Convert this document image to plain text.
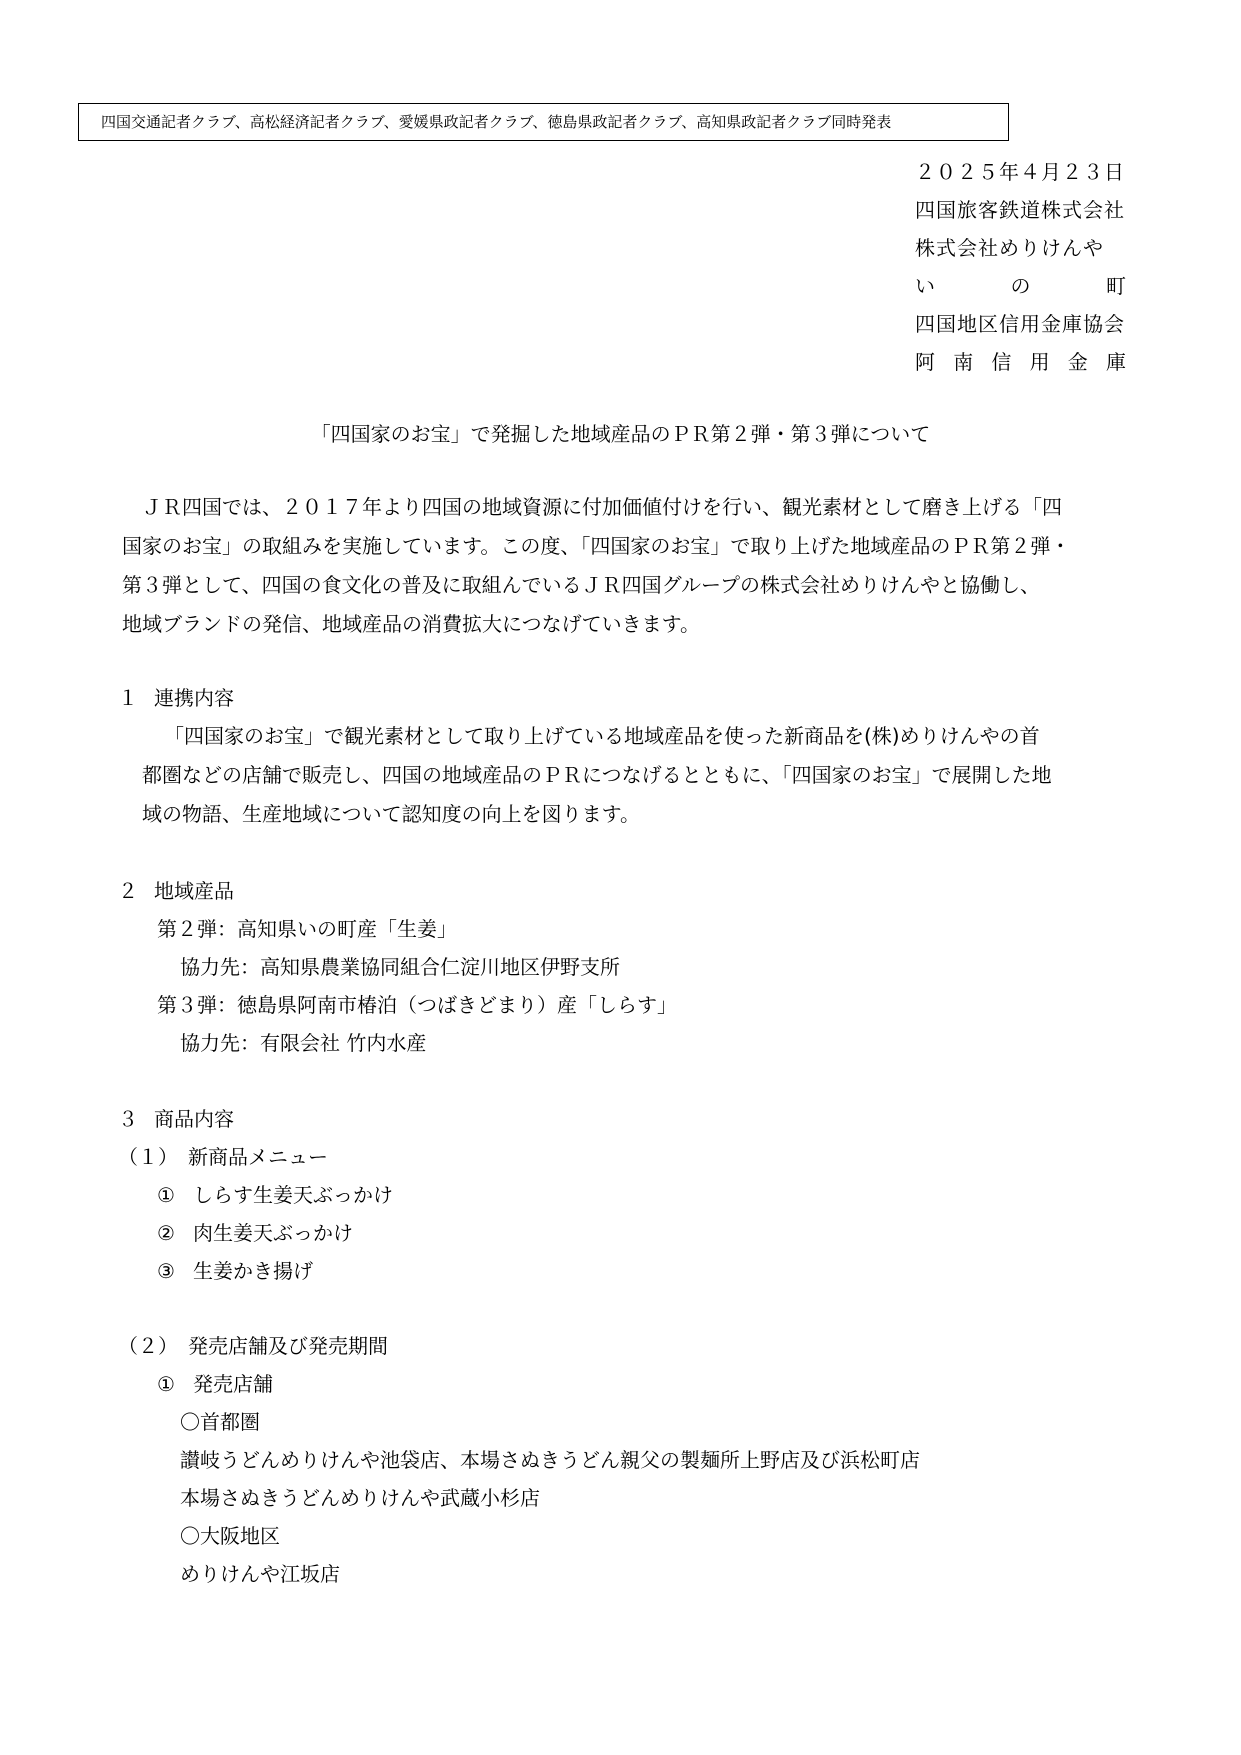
四国交通記者クラブ、高松経済記者クラブ、愛媛県政記者クラブ、徳島県政記者クラブ、高知県政記者クラブ同時発表
２０２５年４月２３日
四国旅客鉄道株式会社
株式会社めりけんや
い	の	町
四国地区信用金庫協会
阿 南 信 用 金 庫
「四国家のお宝」で発掘した地域産品のＰＲ第２弾・第３弾について
　ＪＲ四国では、２０１７年より四国の地域資源に付加価値付けを行い、観光素材として磨き上げる「四
国家のお宝」の取組みを実施しています。この度、「四国家のお宝」で取り上げた地域産品のＰＲ第２弾・
第３弾として、四国の食文化の普及に取組んでいるＪＲ四国グループの株式会社めりけんやと協働し、
地域ブランドの発信、地域産品の消費拡大につなげていきます。
１ 連携内容
「四国家のお宝」で観光素材として取り上げている地域産品を使った新商品を(株)めりけんやの首
都圏などの店舗で販売し、四国の地域産品のＰＲにつなげるとともに、「四国家のお宝」で展開した地
域の物語、生産地域について認知度の向上を図ります。
２ 地域産品
第２弾：高知県いの町産「生姜」
協力先：高知県農業協同組合仁淀川地区伊野支所
第３弾：徳島県阿南市椿泊（つばきどまり）産「しらす」
協力先：有限会社 竹内水産
３ 商品内容
（１） 新商品メニュー
① しらす生姜天ぶっかけ
② 肉生姜天ぶっかけ
③ 生姜かき揚げ
（２） 発売店舗及び発売期間
① 発売店舗
〇首都圏
讃岐うどんめりけんや池袋店、本場さぬきうどん親父の製麺所上野店及び浜松町店
本場さぬきうどんめりけんや武蔵小杉店
〇大阪地区
めりけんや江坂店
